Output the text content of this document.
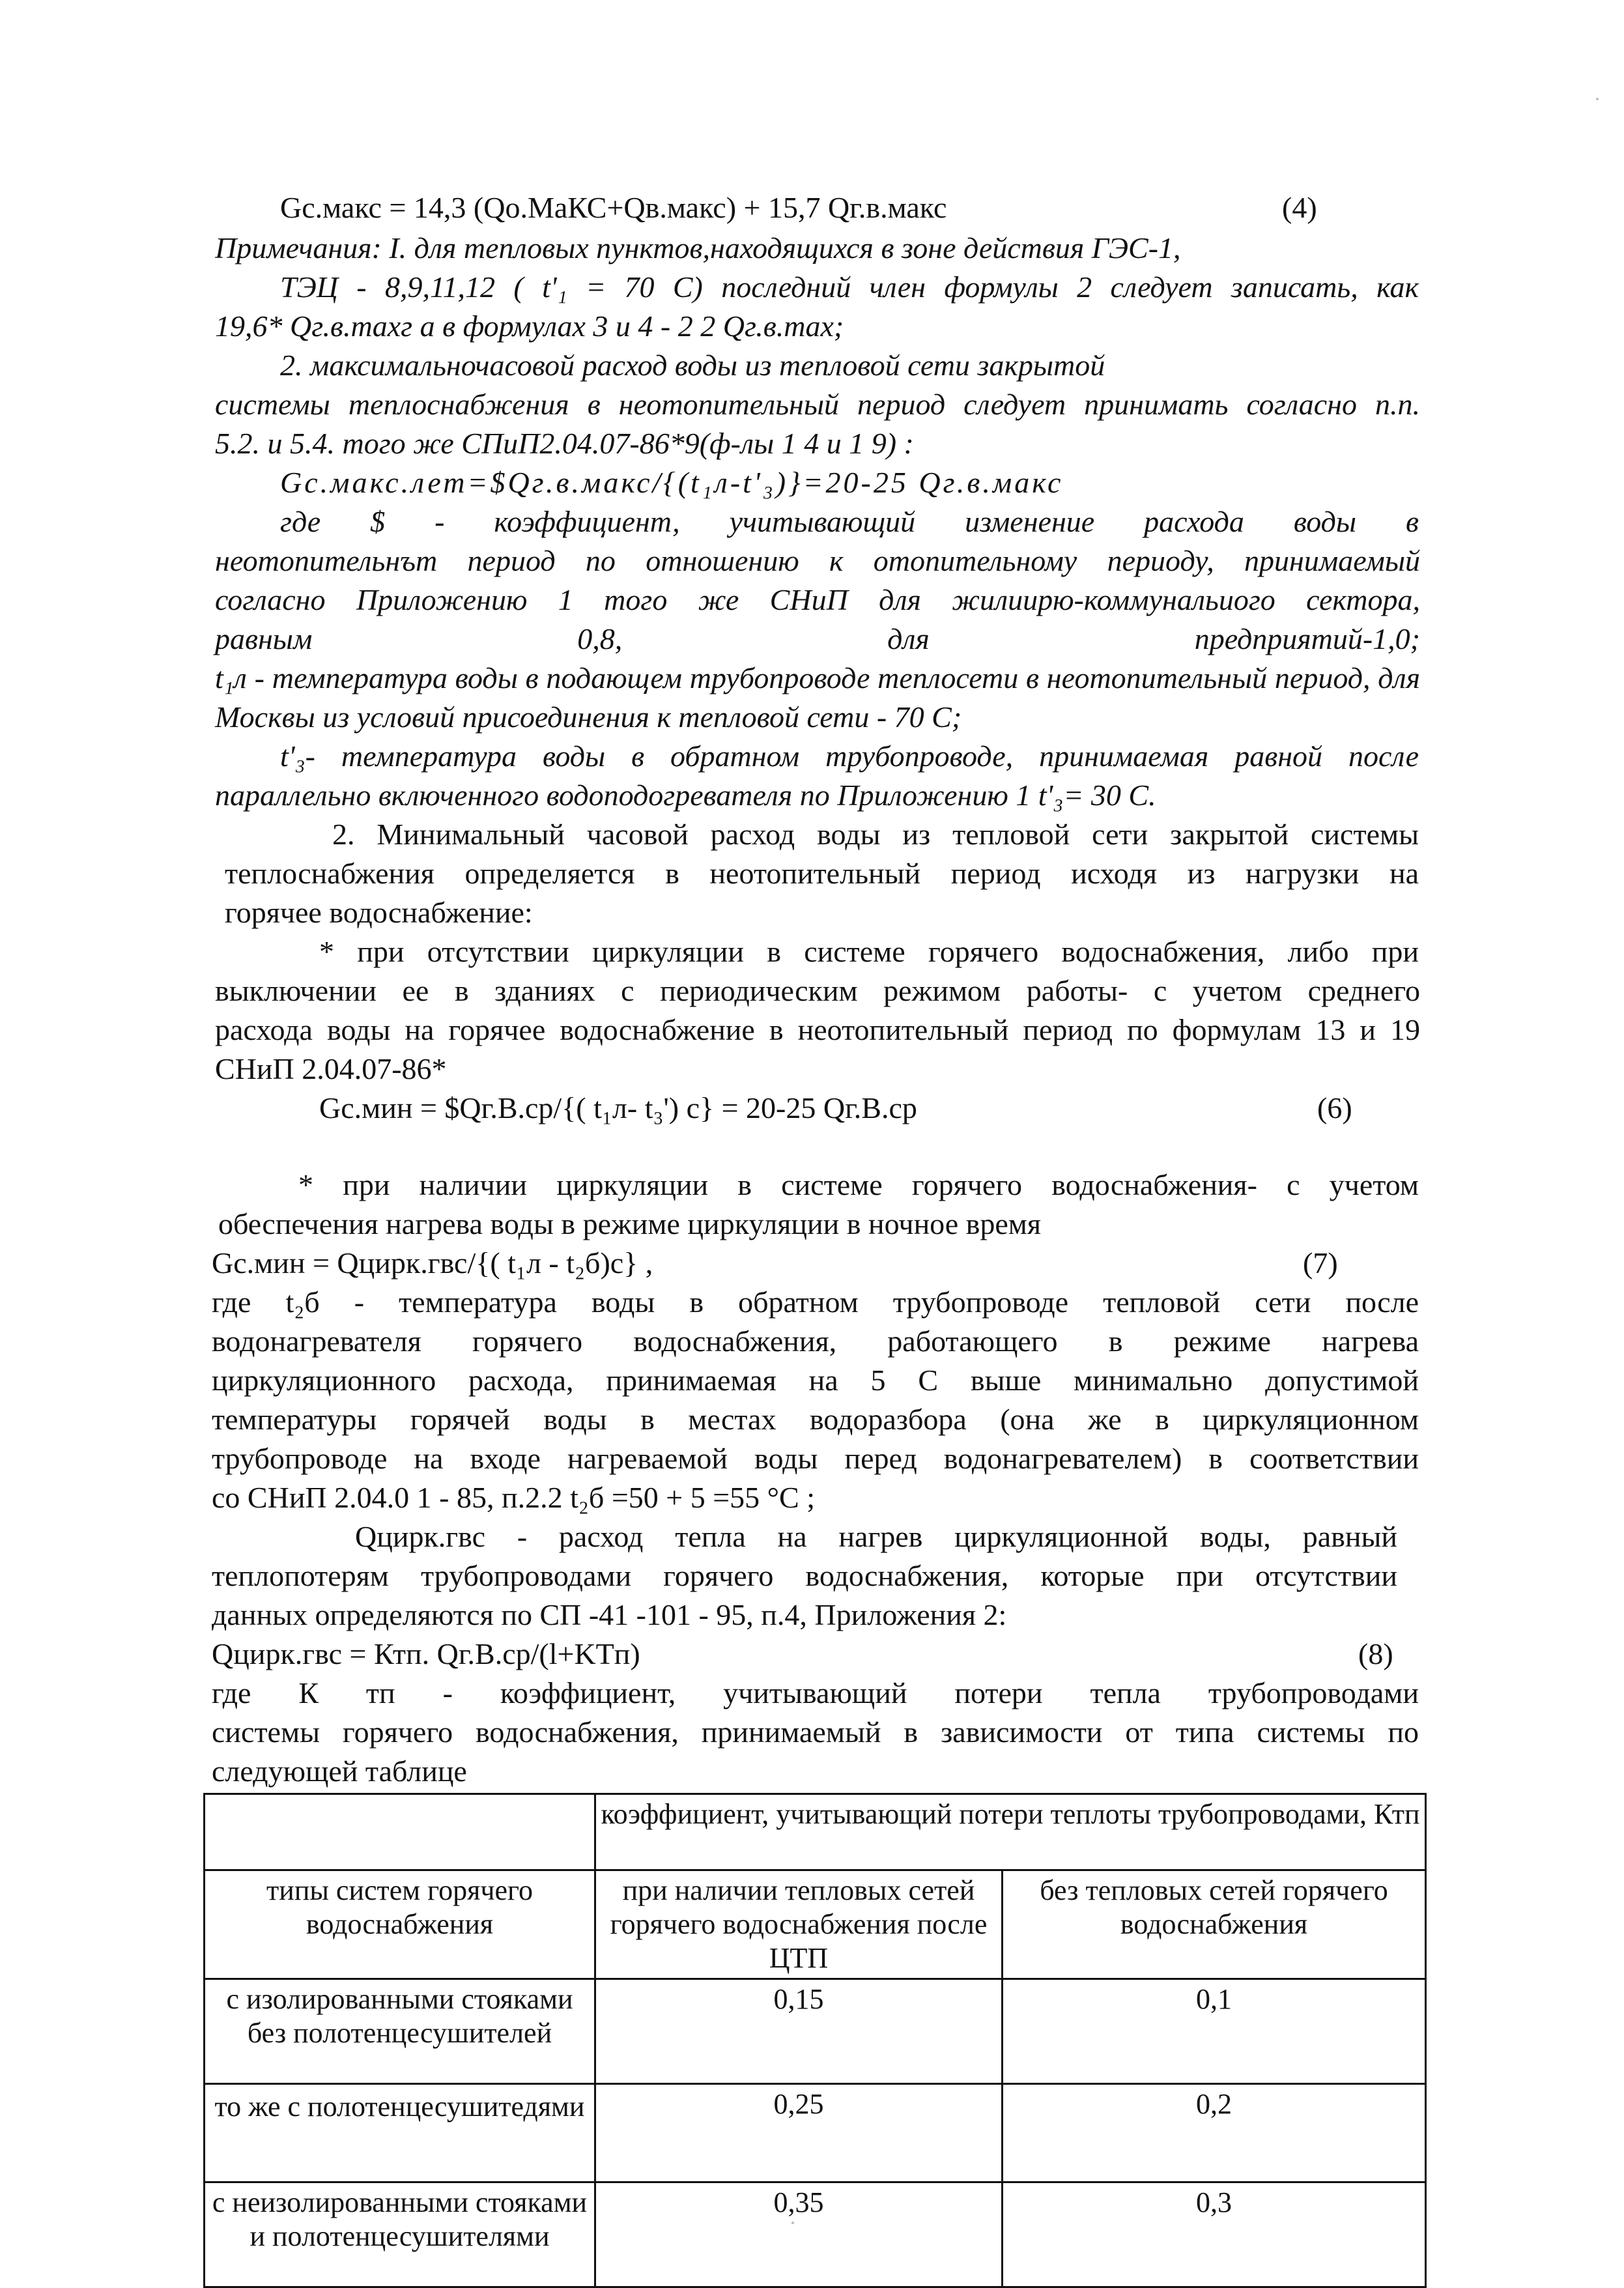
Gc.макс = 14,3 (Qo.МаКС+Qв.макс) + 15,7 Qг.в.макс	(4)
Примечания: I. для тепловых пунктов,находящихся в зоне действия ГЭС-1,
ТЭЦ - 8,9,11,12 ( t'₁ = 70 С) последний член формулы 2 следует записать, как
19,6* Qг.в.maxг а в формулах 3 и 4 - 2 2 Qг.в.max;
2. максимальночасовой расход воды из тепловой сети закрытой
системы теплоснабжения в неотопительный период следует принимать согласно п.п.
5.2. и 5.4. того же СПиП2.04.07-86*9(ф-лы 1 4 и 1 9) :
Gc.макс.лет=$Qг.в.макс/{(t₁л-t'₃)}=20-25 Qг.в.макс
где $ - коэффициент, учитывающий изменение расхода воды в
неотопительнът период по отношению к отопительному периоду, принимаемый
согласно Приложению 1 того же СНиП для жилиирю-коммунальиого сектора,
равным 0,8, для предприятий-1,0;
t₁л - температура воды в подающем трубопроводе теплосети в неотопительный период, для
Москвы из условий присоединения к тепловой сети - 70 С;
t'₃- температура воды в обратном трубопроводе, принимаемая равной после
параллельно включенного водоподогревателя по Приложению 1 t'₃= 30 С.
2. Минимальный часовой расход воды из тепловой сети закрытой системы
теплоснабжения определяется в неотопительный период исходя из нагрузки на
горячее водоснабжение:
* при отсутствии циркуляции в системе горячего водоснабжения, либо при
выключении ее в зданиях с периодическим режимом работы- с учетом среднего
расхода воды на горячее водоснабжение в неотопительный период по формулам 13 и 19
СНиП 2.04.07-86*
Gc.мин = $Qг.В.ср/{( t₁л- t₃') c} = 20-25 Qг.В.ср	(6)
* при наличии циркуляции в системе горячего водоснабжения- с учетом
обеспечения нагрева воды в режиме циркуляции в ночное время
Gc.мин = Qцирк.гвс/{( t₁л - t₂б)c} ,	(7)
где t₂б - температура воды в обратном трубопроводе тепловой сети после
водонагревателя горячего водоснабжения, работающего в режиме нагрева
циркуляционного расхода, принимаемая на 5 С выше минимально допустимой
температуры горячей воды в местах водоразбора (она же в циркуляционном
трубопроводе на входе нагреваемой воды перед водонагревателем) в соответствии
со СНиП 2.04.0 1 - 85, п.2.2 t₂б =50 + 5 =55 °С ;
Qцирк.гвс - расход тепла на нагрев циркуляционной воды, равный
теплопотерям трубопроводами горячего водоснабжения, которые при отсутствии
данных определяются по СП -41 -101 - 95, п.4, Приложения 2:
Qцирк.гвс = Ктп. Qг.В.ср/(l+KTп)	(8)
где К тп - коэффициент, учитывающий потери тепла трубопроводами
системы горячего водоснабжения, принимаемый в зависимости от типа системы по
следующей таблице
	коэффициент, учитывающий потери теплоты трубопроводами, Ктп	
типы систем горячего водоснабжения	при наличии тепловых сетей горячего водоснабжения после ЦТП	без тепловых сетей горячего водоснабжения
с изолированными стояками без полотенцесушителей	0,15	0,1
то же с полотенцесушитедями	0,25	0,2
с неизолированными стояками и полотенцесушителями	0,35	0,3
